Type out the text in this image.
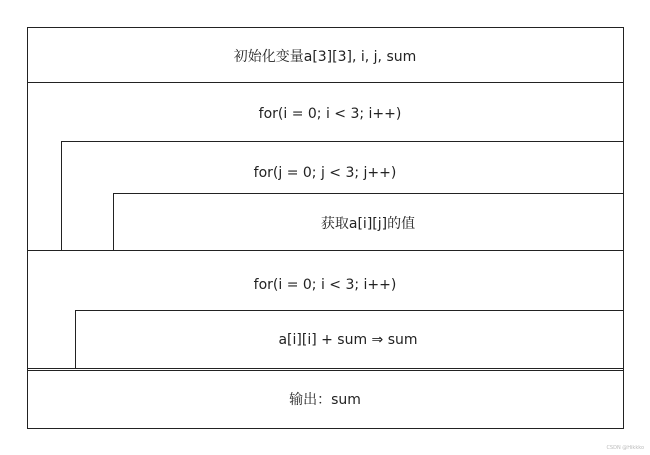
初始化变量a[3][3], i, j, sum
for(i = 0; i < 3; i++)
for(j = 0; j < 3; j++)
获取a[i][j]的值
for(i = 0; i < 3; i++)
a[i][i] + sum ⇒ sum
输出：sum
CSDN @Hikkko
